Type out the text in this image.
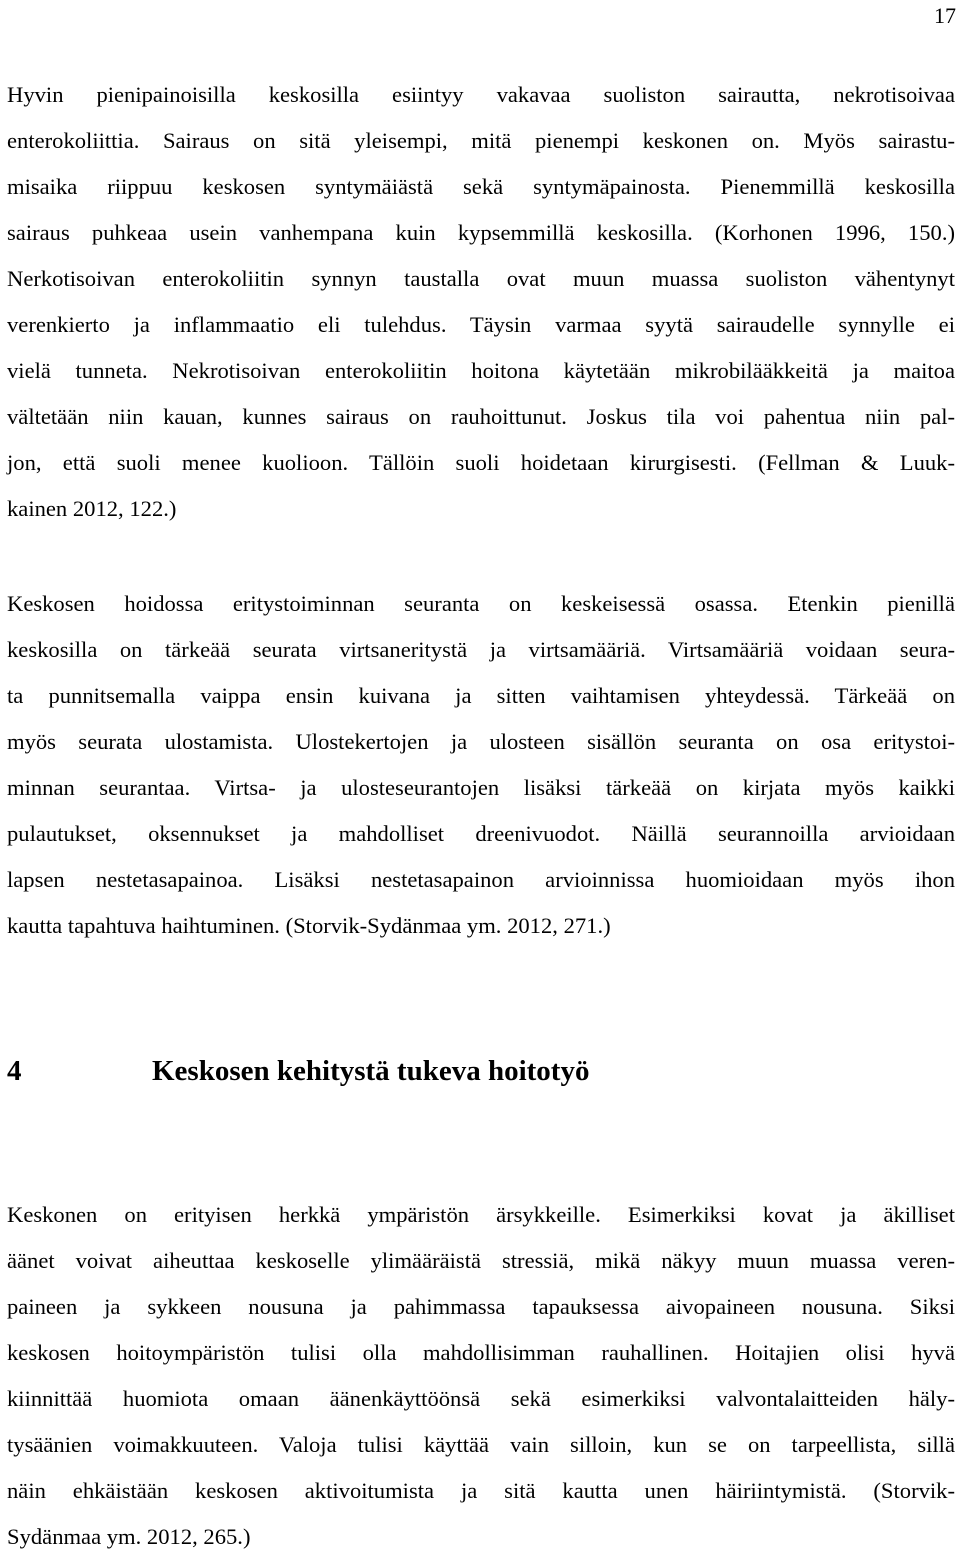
17
Hyvin pienipainoisilla keskosilla esiintyy vakavaa suoliston sairautta, nekrotisoivaa
enterokoliittia. Sairaus on sitä yleisempi, mitä pienempi keskonen on. Myös sairastu-
misaika riippuu keskosen syntymäiästä sekä syntymäpainosta. Pienemmillä keskosilla
sairaus puhkeaa usein vanhempana kuin kypsemmillä keskosilla. (Korhonen 1996, 150.)
Nerkotisoivan enterokoliitin synnyn taustalla ovat muun muassa suoliston vähentynyt
verenkierto ja inflammaatio eli tulehdus. Täysin varmaa syytä sairaudelle synnylle ei
vielä tunneta. Nekrotisoivan enterokoliitin hoitona käytetään mikrobilääkkeitä ja maitoa
vältetään niin kauan, kunnes sairaus on rauhoittunut. Joskus tila voi pahentua niin pal-
jon, että suoli menee kuolioon. Tällöin suoli hoidetaan kirurgisesti. (Fellman & Luuk-
kainen 2012, 122.)
Keskosen hoidossa eritystoiminnan seuranta on keskeisessä osassa. Etenkin pienillä
keskosilla on tärkeää seurata virtsaneritystä ja virtsamääriä. Virtsamääriä voidaan seura-
ta punnitsemalla vaippa ensin kuivana ja sitten vaihtamisen yhteydessä. Tärkeää on
myös seurata ulostamista. Ulostekertojen ja ulosteen sisällön seuranta on osa eritystoi-
minnan seurantaa. Virtsa- ja ulosteseurantojen lisäksi tärkeää on kirjata myös kaikki
pulautukset, oksennukset ja mahdolliset dreenivuodot. Näillä seurannoilla arvioidaan
lapsen nestetasapainoa. Lisäksi nestetasapainon arvioinnissa huomioidaan myös ihon
kautta tapahtuva haihtuminen. (Storvik-Sydänmaa ym. 2012, 271.)
4	Keskosen kehitystä tukeva hoitotyö
Keskonen on erityisen herkkä ympäristön ärsykkeille. Esimerkiksi kovat ja äkilliset
äänet voivat aiheuttaa keskoselle ylimääräistä stressiä, mikä näkyy muun muassa veren-
paineen ja sykkeen nousuna ja pahimmassa tapauksessa aivopaineen nousuna. Siksi
keskosen hoitoympäristön tulisi olla mahdollisimman rauhallinen. Hoitajien olisi hyvä
kiinnittää huomiota omaan äänenkäyttöönsä sekä esimerkiksi valvontalaitteiden häly-
tysäänien voimakkuuteen. Valoja tulisi käyttää vain silloin, kun se on tarpeellista, sillä
näin ehkäistään keskosen aktivoitumista ja sitä kautta unen häiriintymistä. (Storvik-
Sydänmaa ym. 2012, 265.)
